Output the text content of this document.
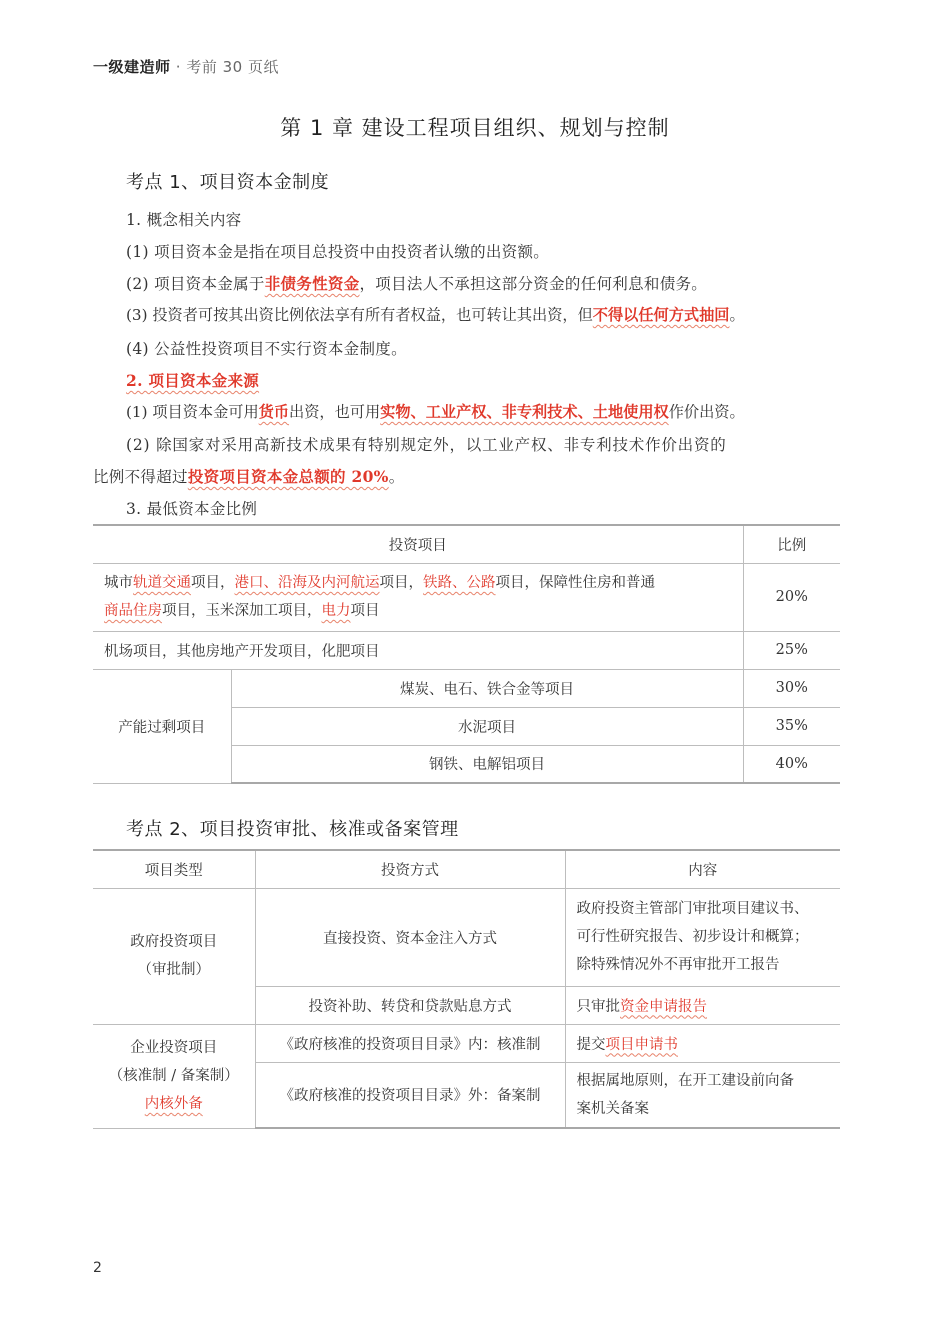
一级建造师 · 考前 30 页纸
第 1 章 建设工程项目组织、规划与控制
考点 1、项目资本金制度
1. 概念相关内容
(1) 项目资本金是指在项目总投资中由投资者认缴的出资额。
(2) 项目资本金属于非债务性资金，项目法人不承担这部分资金的任何利息和债务。
(3) 投资者可按其出资比例依法享有所有者权益，也可转让其出资，但不得以任何方式抽回。
(4) 公益性投资项目不实行资本金制度。
2. 项目资本金来源
(1) 项目资本金可用货币出资，也可用实物、工业产权、非专利技术、土地使用权作价出资。
(2) 除国家对采用高新技术成果有特别规定外，以工业产权、非专利技术作价出资的
比例不得超过投资项目资本金总额的 20%。
3. 最低资本金比例
投资项目		比例
城市轨道交通项目，港口、沿海及内河航运项目，铁路、公路项目，保障性住房和普通
商品住房项目，玉米深加工项目，电力项目		20%
机场项目，其他房地产开发项目，化肥项目		25%
产能过剩项目	煤炭、电石、铁合金等项目	30%
	水泥项目	35%
	钢铁、电解铝项目	40%
考点 2、项目投资审批、核准或备案管理
项目类型	投资方式	内容
政府投资项目
（审批制）	直接投资、资本金注入方式	政府投资主管部门审批项目建议书、
可行性研究报告、初步设计和概算；
除特殊情况外不再审批开工报告
	投资补助、转贷和贷款贴息方式	只审批资金申请报告
企业投资项目
（核准制 / 备案制）
内核外备	《政府核准的投资项目目录》内：核准制	提交项目申请书
	《政府核准的投资项目目录》外：备案制	根据属地原则，在开工建设前向备
案机关备案
2
